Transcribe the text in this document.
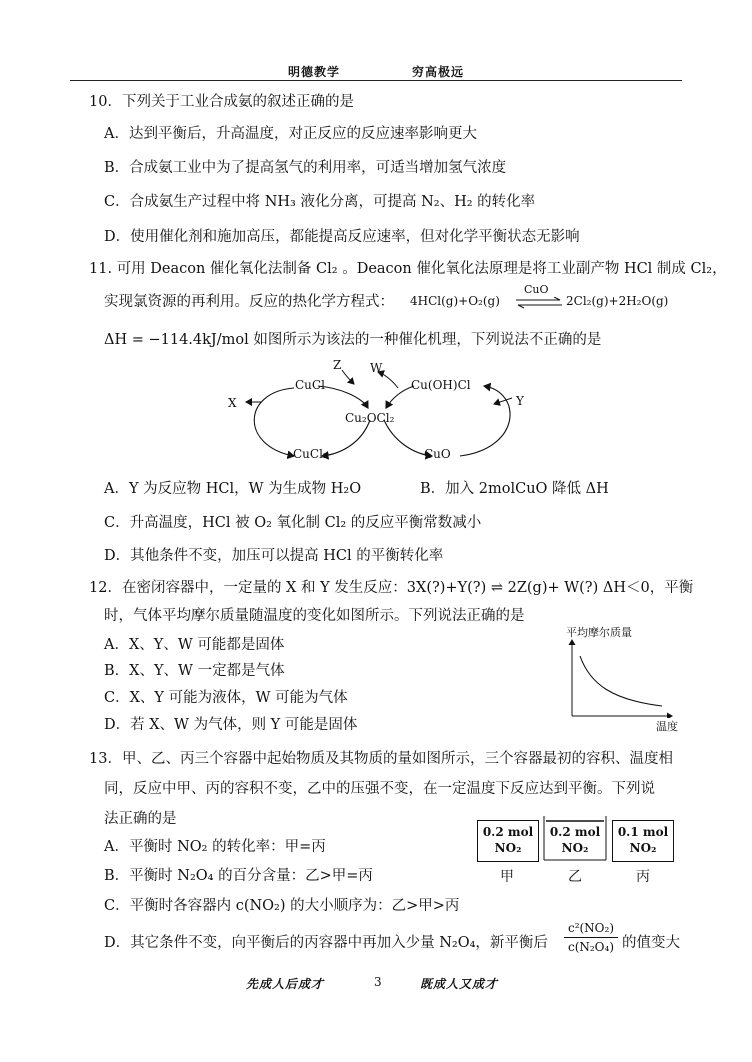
明德教学	穷高极远
10．下列关于工业合成氨的叙述正确的是
A．达到平衡后，升高温度，对正反应的反应速率影响更大
B．合成氨工业中为了提高氢气的利用率，可适当增加氢气浓度
C．合成氨生产过程中将 NH₃ 液化分离，可提高 N₂、H₂ 的转化率
D．使用催化剂和施加高压，都能提高反应速率，但对化学平衡状态无影响
11. 可用 Deacon 催化氧化法制备 Cl₂ 。Deacon 催化氧化法原理是将工业副产物 HCl 制成 Cl₂，
实现氯资源的再利用。反应的热化学方程式： 4HCl(g)+O₂(g)
CuO
⇌ 2Cl₂(g)+2H₂O(g)
ΔH = −114.4kJ/mol 如图所示为该法的一种催化机理，下列说法不正确的是
Z W
CuCl	Cu(OH)Cl
X	Y
Cu₂OCl₂
CuCl₂	CuO
A．Y 为反应物 HCl，W 为生成物 H₂O	B．加入 2molCuO 降低 ΔH
C．升高温度，HCl 被 O₂ 氧化制 Cl₂ 的反应平衡常数减小
D．其他条件不变，加压可以提高 HCl 的平衡转化率
12．在密闭容器中，一定量的 X 和 Y 发生反应：3X(?)+Y(?) ⇌ 2Z(g)+ W(?) ΔH＜0，平衡
时，气体平均摩尔质量随温度的变化如图所示。下列说法正确的是
A．X、Y、W 可能都是固体
B．X、Y、W 一定都是气体
C．X、Y 可能为液体，W 可能为气体
D．若 X、W 为气体，则 Y 可能是固体
平均摩尔质量
温度
13．甲、乙、丙三个容器中起始物质及其物质的量如图所示，三个容器最初的容积、温度相
同，反应中甲、丙的容积不变，乙中的压强不变，在一定温度下反应达到平衡。下列说
法正确的是
A．平衡时 NO₂ 的转化率：甲=丙
B．平衡时 N₂O₄ 的百分含量：乙>甲=丙
C．平衡时各容器内 c(NO₂) 的大小顺序为：乙>甲>丙
D．其它条件不变，向平衡后的丙容器中再加入少量 N₂O₄，新平衡后
c²(NO₂)
c(N₂O₄) 的值变大
0.2 mol
NO₂
0.2 mol
NO₂
0.1 mol
NO₂
甲	乙	丙
先成人后成才	3	既成人又成才
